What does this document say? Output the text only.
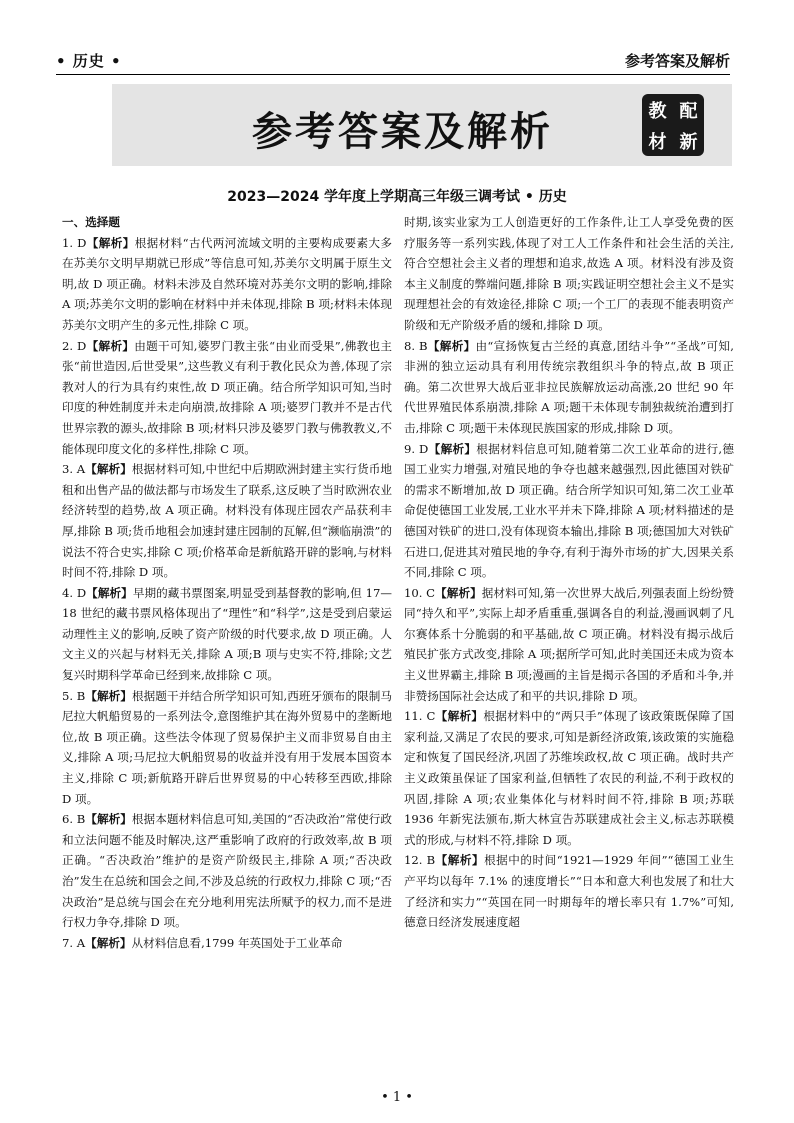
• 历史 •	参考答案及解析
参考答案及解析	教 配
材 新
2023—2024 学年度上学期高三年级三调考试 • 历史

一、选择题

1. D【解析】根据材料“古代两河流域文明的主要构成要素大多在苏美尔文明早期就已形成”等信息可知,苏美尔文明属于原生文明,故 D 项正确。材料未涉及自然环境对苏美尔文明的影响,排除 A 项;苏美尔文明的影响在材料中并未体现,排除 B 项;材料未体现苏美尔文明产生的多元性,排除 C 项。

2. D【解析】由题干可知,婆罗门教主张“由业而受果”,佛教也主张“前世造因,后世受果”,这些教义有利于教化民众为善,体现了宗教对人的行为具有约束性,故 D 项正确。结合所学知识可知,当时印度的种姓制度并未走向崩溃,故排除 A 项;婆罗门教并不是古代世界宗教的源头,故排除 B 项;材料只涉及婆罗门教与佛教教义,不能体现印度文化的多样性,排除 C 项。

3. A【解析】根据材料可知,中世纪中后期欧洲封建主实行货币地租和出售产品的做法都与市场发生了联系,这反映了当时欧洲农业经济转型的趋势,故 A 项正确。材料没有体现庄园农产品获利丰厚,排除 B 项;货币地租会加速封建庄园制的瓦解,但“濒临崩溃”的说法不符合史实,排除 C 项;价格革命是新航路开辟的影响,与材料时间不符,排除 D 项。

4. D【解析】早期的藏书票图案,明显受到基督教的影响,但 17—18 世纪的藏书票风格体现出了“理性”和“科学”,这是受到启蒙运动理性主义的影响,反映了资产阶级的时代要求,故 D 项正确。人文主义的兴起与材料无关,排除 A 项;B 项与史实不符,排除;文艺复兴时期科学革命已经到来,故排除 C 项。

5. B【解析】根据题干并结合所学知识可知,西班牙颁布的限制马尼拉大帆船贸易的一系列法令,意图维护其在海外贸易中的垄断地位,故 B 项正确。这些法令体现了贸易保护主义而非贸易自由主义,排除 A 项;马尼拉大帆船贸易的收益并没有用于发展本国资本主义,排除 C 项;新航路开辟后世界贸易的中心转移至西欧,排除 D 项。

6. B【解析】根据本题材料信息可知,美国的“否决政治”常使行政和立法问题不能及时解决,这严重影响了政府的行政效率,故 B 项正确。“否决政治”维护的是资产阶级民主,排除 A 项;“否决政治”发生在总统和国会之间,不涉及总统的行政权力,排除 C 项;“否决政治”是总统与国会在充分地利用宪法所赋予的权力,而不是进行权力争夺,排除 D 项。

7. A【解析】从材料信息看,1799 年英国处于工业革命

时期,该实业家为工人创造更好的工作条件,让工人享受免费的医疗服务等一系列实践,体现了对工人工作条件和社会生活的关注,符合空想社会主义者的理想和追求,故选 A 项。材料没有涉及资本主义制度的弊端问题,排除 B 项;实践证明空想社会主义不是实现理想社会的有效途径,排除 C 项;一个工厂的表现不能表明资产阶级和无产阶级矛盾的缓和,排除 D 项。

8. B【解析】由“宣扬恢复古兰经的真意,团结斗争”“圣战”可知,非洲的独立运动具有利用传统宗教组织斗争的特点,故 B 项正确。第二次世界大战后亚非拉民族解放运动高涨,20 世纪 90 年代世界殖民体系崩溃,排除 A 项;题干未体现专制独裁统治遭到打击,排除 C 项;题干未体现民族国家的形成,排除 D 项。

9. D【解析】根据材料信息可知,随着第二次工业革命的进行,德国工业实力增强,对殖民地的争夺也越来越强烈,因此德国对铁矿的需求不断增加,故 D 项正确。结合所学知识可知,第二次工业革命促使德国工业发展,工业水平并未下降,排除 A 项;材料描述的是德国对铁矿的进口,没有体现资本输出,排除 B 项;德国加大对铁矿石进口,促进其对殖民地的争夺,有利于海外市场的扩大,因果关系不同,排除 C 项。

10. C【解析】据材料可知,第一次世界大战后,列强表面上纷纷赞同“持久和平”,实际上却矛盾重重,强调各自的利益,漫画讽刺了凡尔赛体系十分脆弱的和平基础,故 C 项正确。材料没有揭示战后殖民扩张方式改变,排除 A 项;据所学可知,此时美国还未成为资本主义世界霸主,排除 B 项;漫画的主旨是揭示各国的矛盾和斗争,并非赞扬国际社会达成了和平的共识,排除 D 项。

11. C【解析】根据材料中的“两只手”体现了该政策既保障了国家利益,又满足了农民的要求,可知是新经济政策,该政策的实施稳定和恢复了国民经济,巩固了苏维埃政权,故 C 项正确。战时共产主义政策虽保证了国家利益,但牺牲了农民的利益,不利于政权的巩固,排除 A 项;农业集体化与材料时间不符,排除 B 项;苏联 1936 年新宪法颁布,斯大林宣告苏联建成社会主义,标志苏联模式的形成,与材料不符,排除 D 项。

12. B【解析】根据中的时间“1921—1929 年间”“德国工业生产平均以每年 7.1% 的速度增长”“日本和意大利也发展了和壮大了经济和实力”“英国在同一时期每年的增长率只有 1.7%”可知,德意日经济发展速度超

• 1 •
